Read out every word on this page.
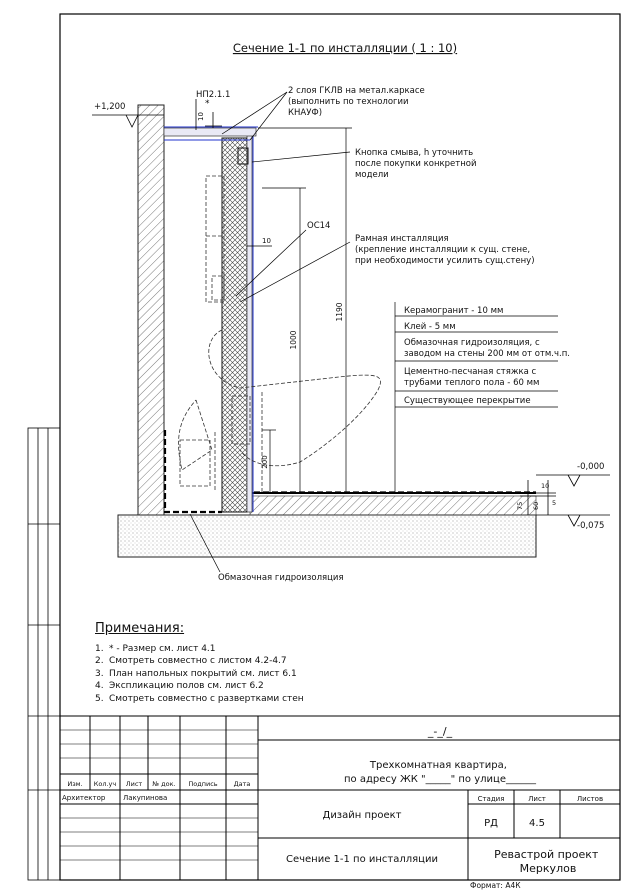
Сечение 1-1 по инсталляции ( 1 : 10)
+1,200
НП2.1.1
*
10
2 слоя ГКЛВ на метал.каркасе (выполнить по технологии КНАУФ)
Кнопка смыва, h уточнить после покупки конкретной модели
ОС14
Рамная инсталляция (крепление инсталляции к сущ. стене, при необходимости усилить сущ.стену)
10
1000
1190
200
Керамогранит - 10 мм
Клей - 5 мм
Обмазочная гидроизоляция, с заводом на стены 200 мм от отм.ч.п.
Цементно-песчаная стяжка с трубами теплого пола - 60 мм
Существующее перекрытие
-0,000
-0,075
10
60
75	5
Обмазочная гидроизоляция
_-_/_
Трехкомнатная квартира, по адресу ЖК "_____" по улице______
Изм. Кол.уч Лист № док. Подпись Дата
Архитектор	Лакупинова
Дизайн проект
Сечение 1-1 по инсталляции
Стадия	Лист	Листов
РД	4.5
Реваcтрой проект Меркулов
Примечания:
1. * - Размер см. лист 4.1
2. Смотреть совместно с листом 4.2-4.7
3. План напольных покрытий см. лист 6.1
4. Экспликацию полов см. лист 6.2
5. Смотреть совместно с развертками стен
Формат: А4К
